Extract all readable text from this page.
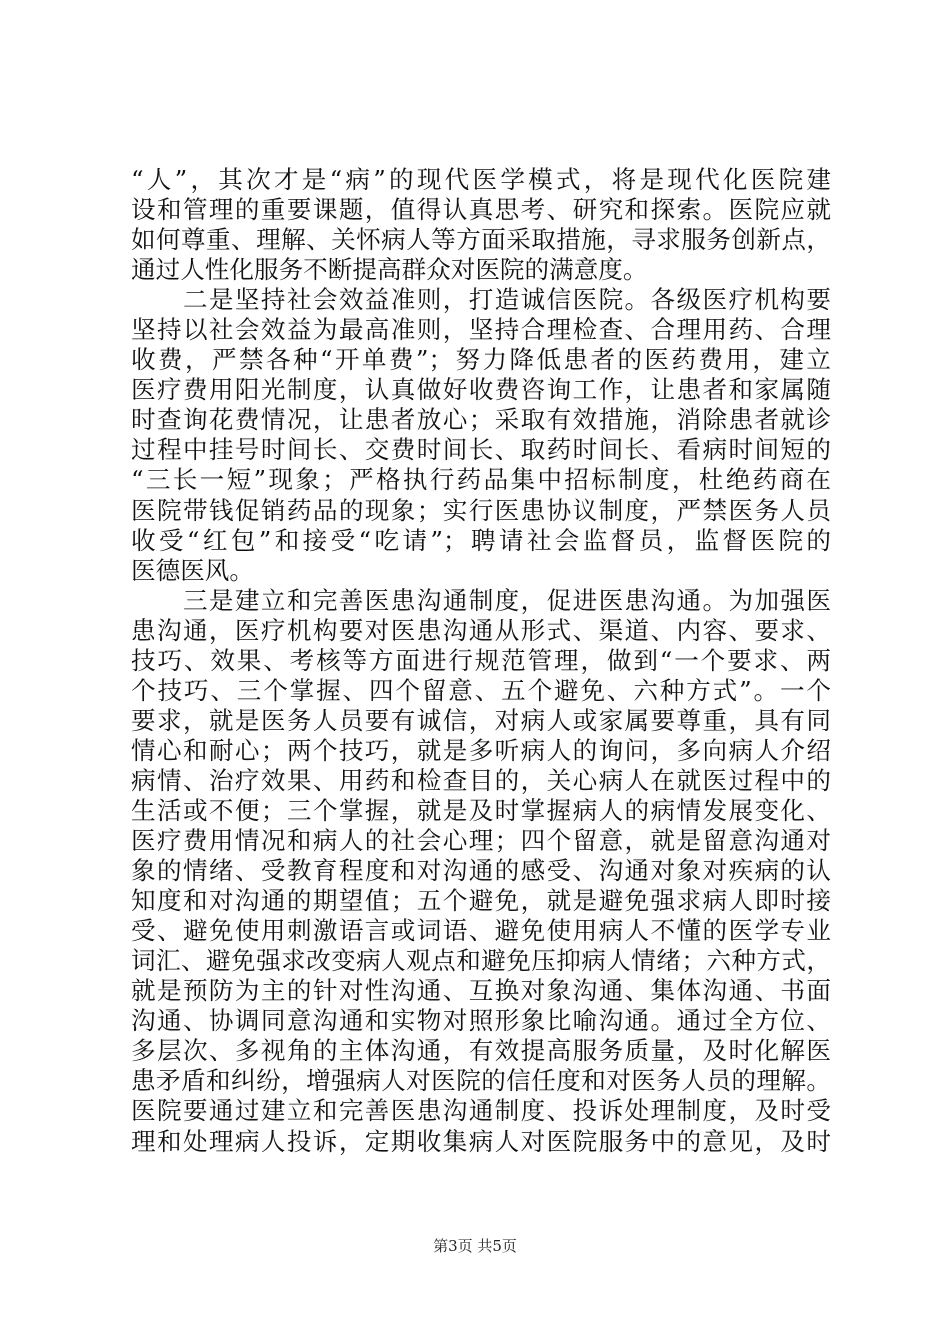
“人”，其次才是“病”的现代医学模式，将是现代化医院建
设和管理的重要课题，值得认真思考、研究和探索。医院应就
如何尊重、理解、关怀病人等方面采取措施，寻求服务创新点，
通过人性化服务不断提高群众对医院的满意度。
　　二是坚持社会效益准则，打造诚信医院。各级医疗机构要
坚持以社会效益为最高准则，坚持合理检查、合理用药、合理
收费，严禁各种“开单费”；努力降低患者的医药费用，建立
医疗费用阳光制度，认真做好收费咨询工作，让患者和家属随
时查询花费情况，让患者放心；采取有效措施，消除患者就诊
过程中挂号时间长、交费时间长、取药时间长、看病时间短的
“三长一短”现象；严格执行药品集中招标制度，杜绝药商在
医院带钱促销药品的现象；实行医患协议制度，严禁医务人员
收受“红包”和接受“吃请”；聘请社会监督员，监督医院的
医德医风。
　　三是建立和完善医患沟通制度，促进医患沟通。为加强医
患沟通，医疗机构要对医患沟通从形式、渠道、内容、要求、
技巧、效果、考核等方面进行规范管理，做到“一个要求、两
个技巧、三个掌握、四个留意、五个避免、六种方式”。一个
要求，就是医务人员要有诚信，对病人或家属要尊重，具有同
情心和耐心；两个技巧，就是多听病人的询问，多向病人介绍
病情、治疗效果、用药和检查目的，关心病人在就医过程中的
生活或不便；三个掌握，就是及时掌握病人的病情发展变化、
医疗费用情况和病人的社会心理；四个留意，就是留意沟通对
象的情绪、受教育程度和对沟通的感受、沟通对象对疾病的认
知度和对沟通的期望值；五个避免，就是避免强求病人即时接
受、避免使用刺激语言或词语、避免使用病人不懂的医学专业
词汇、避免强求改变病人观点和避免压抑病人情绪；六种方式，
就是预防为主的针对性沟通、互换对象沟通、集体沟通、书面
沟通、协调同意沟通和实物对照形象比喻沟通。通过全方位、
多层次、多视角的主体沟通，有效提高服务质量，及时化解医
患矛盾和纠纷，增强病人对医院的信任度和对医务人员的理解。
医院要通过建立和完善医患沟通制度、投诉处理制度，及时受
理和处理病人投诉，定期收集病人对医院服务中的意见，及时
第3页 共5页
